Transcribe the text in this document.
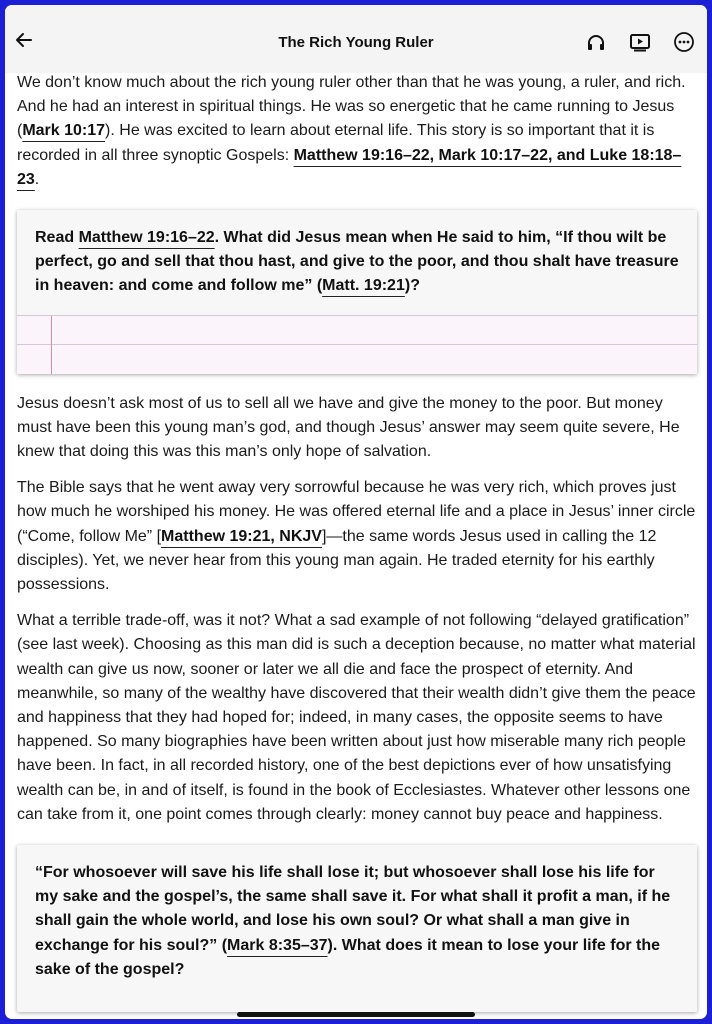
The Rich Young Ruler

We don’t know much about the rich young ruler other than that he was young, a ruler, and rich. And he had an interest in spiritual things. He was so energetic that he came running to Jesus (Mark 10:17). He was excited to learn about eternal life. This story is so important that it is recorded in all three synoptic Gospels: Matthew 19:16–22, Mark 10:17–22, and Luke 18:18–23.

Read Matthew 19:16–22. What did Jesus mean when He said to him, “If thou wilt be perfect, go and sell that thou hast, and give to the poor, and thou shalt have treasure in heaven: and come and follow me” (Matt. 19:21)?

Jesus doesn’t ask most of us to sell all we have and give the money to the poor. But money must have been this young man’s god, and though Jesus’ answer may seem quite severe, He knew that doing this was this man’s only hope of salvation.

The Bible says that he went away very sorrowful because he was very rich, which proves just how much he worshiped his money. He was offered eternal life and a place in Jesus’ inner circle (“Come, follow Me” [Matthew 19:21, NKJV]—the same words Jesus used in calling the 12 disciples). Yet, we never hear from this young man again. He traded eternity for his earthly possessions.

What a terrible trade-off, was it not? What a sad example of not following “delayed gratification” (see last week). Choosing as this man did is such a deception because, no matter what material wealth can give us now, sooner or later we all die and face the prospect of eternity. And meanwhile, so many of the wealthy have discovered that their wealth didn’t give them the peace and happiness that they had hoped for; indeed, in many cases, the opposite seems to have happened. So many biographies have been written about just how miserable many rich people have been. In fact, in all recorded history, one of the best depictions ever of how unsatisfying wealth can be, in and of itself, is found in the book of Ecclesiastes. Whatever other lessons one can take from it, one point comes through clearly: money cannot buy peace and happiness.

“For whosoever will save his life shall lose it; but whosoever shall lose his life for my sake and the gospel’s, the same shall save it. For what shall it profit a man, if he shall gain the whole world, and lose his own soul? Or what shall a man give in exchange for his soul?” (Mark 8:35–37). What does it mean to lose your life for the sake of the gospel?
